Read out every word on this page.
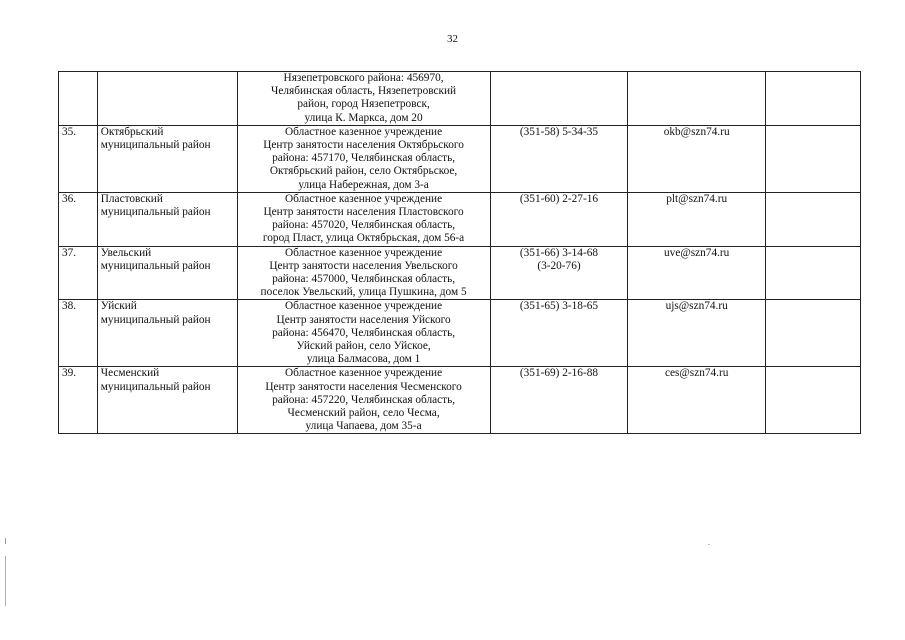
32

		Нязепетровского района: 456970,
Челябинская область, Нязепетровский
район, город Нязепетровск,
улица К. Маркса, дом 20			

35.	Октябрьский
муниципальный район	Областное казенное учреждение
Центр занятости населения Октябрьского
района: 457170, Челябинская область,
Октябрьский район, село Октябрьское,
улица Набережная, дом 3-а	(351-58) 5-34-35	okb@szn74.ru	
36.	Пластовский
муниципальный район	Областное казенное учреждение
Центр занятости населения Пластовского
района: 457020, Челябинская область,
город Пласт, улица Октябрьская, дом 56-а	(351-60) 2-27-16	plt@szn74.ru	
37.	Увельский
муниципальный район	Областное казенное учреждение
Центр занятости населения Увельского
района: 457000, Челябинская область,
поселок Увельский, улица Пушкина, дом 5	(351-66) 3-14-68
(3-20-76)	uve@szn74.ru	
38.	Уйский
муниципальный район	Областное казенное учреждение
Центр занятости населения Уйского
района: 456470, Челябинская область,
Уйский район, село Уйское,
улица Балмасова, дом 1	(351-65) 3-18-65	ujs@szn74.ru	
39.	Чесменский
муниципальный район	Областное казенное учреждение
Центр занятости населения Чесменского
района: 457220, Челябинская область,
Чесменский район, село Чесма,
улица Чапаева, дом 35-а	(351-69) 2-16-88	ces@szn74.ru	
